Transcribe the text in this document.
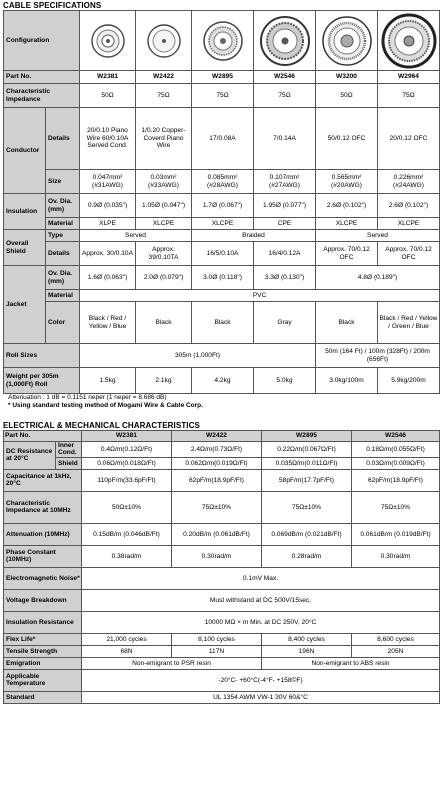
CABLE SPECIFICATIONS
Configuration	

Part No.		W2381	W2422	W2895	W2546	W3200	W2964
Characteristic Impedance		50Ω	75Ω	75Ω	75Ω	50Ω	75Ω
Conductor	Details	20/0.10 Piano Wire 60/0.10A Served Cond.	1/0.20 Copper-Coverd Piano Wire	17/0.08A	7/0.14A	50/0.12 OFC	20/0.12 OFC
	Size	0.047mm² (#31AWG)	0.03mm² (#33AWG)	0.085mm² (#28AWG)	0.107mm² (#27AWG)	0.565mm² (#20AWG)	0.226mm² (#24AWG)
Insulation	Ov. Dia.(mm)	0.9Ø (0.035")	1.05Ø (0.047")	1.7Ø (0.067")	1.95Ø (0.077")	2.6Ø (0.102")	2.6Ø (0.102")
	Material	XLPE	XLCPE	XLCPE	CPE	XLCPE	XLCPE
Overall Shield	Type	Served		Braided		Served	
	Details	Approx. 30/0.10A	Approx. 39/0.10TA	16/5/0.10A	16/4/0.12A	Approx. 70/0.12 OFC	Approx. 70/0.12 OFC
Jacket	Ov. Dia.(mm)	1.6Ø (0.063")	2.0Ø (0.079")	3.0Ø (0.118")	3.3Ø (0.130")	4.8Ø (0.189")	
	Material	PVC					
	Color	Black / Red / Yellow / Blue	Black	Black	Gray	Black	Black / Red / Yellow / Green / Blue
Roll Sizes		305m (1,000Ft)				50m (164 Ft) / 100m (328Ft) / 200m (656Ft)	
Weight per 305m (1,000Ft) Roll		1.5kg	2.1kg	4.2kg	5.0kg	3.0kg/100m	5.9kg/200m
Attenuation : 1 dB = 0.1151 neper (1 neper = 8.686 dB)
* Using standard testing method of Mogami Wire & Cable Corp.
ELECTRICAL & MECHANICAL CHARACTERISTICS
Part No.		W2381	W2422	W2895	W2546
DC Resistance at 20°C	Inner Cond.	0.4Ω/m(0.12Ω/Ft)	2.4Ω/m(0.73Ω/Ft)	0.22Ω/m(0.067Ω/Ft)	0.18Ω/m(0.055Ω/Ft)
	Shield	0.06Ω/m(0.018Ω/Ft)	0.062Ω/m(0.019Ω/Ft)	0.035Ω/m(0.011Ω/Ft)	0.03Ω/m(0.009Ω/Ft)
Capacitance at 1kHz, 20°C		110pF/m(33.6pF/Ft)	62pF/m(18.9pF/Ft)	58pF/m(17.7pF/Ft)	62pF/m(18.9pF/Ft)
Characteristic Impedance at 10MHz		50Ω±10%	75Ω±10%	75Ω±10%	75Ω±10%
Attenuation (10MHz)		0.15dB/m (0.046dB/Ft)	0.20dB/m (0.061dB/Ft)	0.069dB/m (0.021dB/Ft)	0.061dB/m (0.019dB/Ft)
Phase Constant (10MHz)		0.38rad/m	0.30rad/m	0.28rad/m	0.30rad/m
Electromagnetic Noise*		0.1mV Max.			
Voltage Breakdown		Must withstand at DC 500V/15sec.			
Insulation Resistance		10000 MΩ × m Min. at DC 250V, 20°C			
Flex Life*		21,000 cycles	8,100 cycles	8,400 cycles	8,600 cycles
Tensile Strength		68N	117N	196N	205N
Emigration		Non-emigrant to PSR resin		Non-emigrant to ABS resin	
Applicable Temperature		-20°C- +60°C(-4°F- +158©F)			
Standard		UL 1354 AWM VW-1 30V 60&°C			
